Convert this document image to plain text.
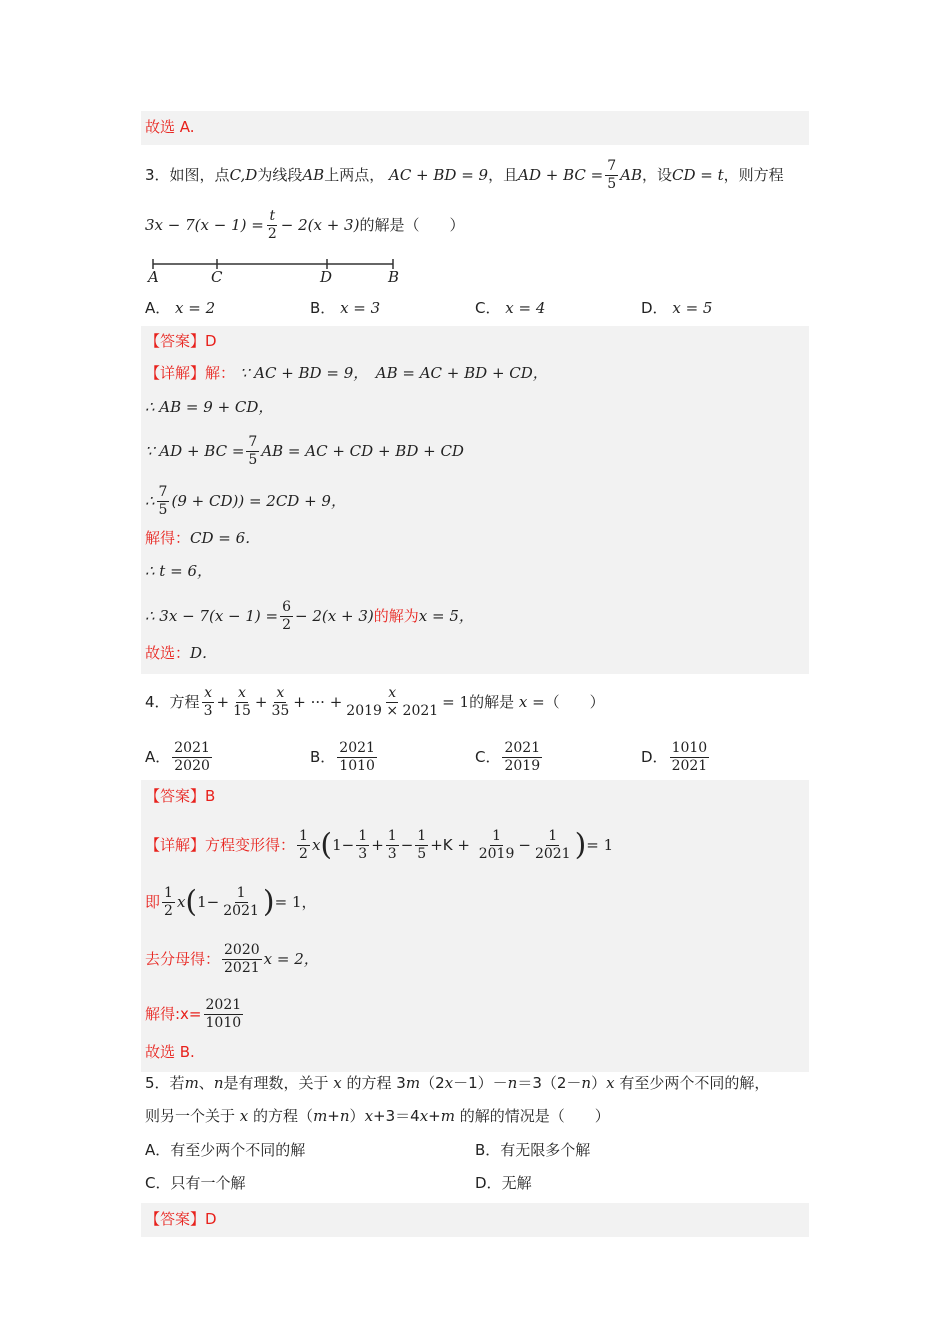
故选 A.
3．如图，点C,D为线段AB上两点， AC + BD = 9，且AD + BC = $\frac{7}{5}$ AB，设CD = t，则方程
$3x - 7(x - 1) = \frac{t}{2} - 2(x + 3)$的解是（　　）
A	C	D	B
A． x = 2	B． x = 3	C． x = 4	D． x = 5
【答案】D
【详解】解： ∵ AC + BD = 9，　 AB = AC + BD + CD，
∴ AB = 9 + CD，
∵ AD + BC = $\frac{7}{5}$ AB = AC + CD + BD + CD
∴ $\frac{7}{5} (9 + CD)) = 2CD + 9$，
解得：CD = 6．
∴ t = 6，
∴ $3x - 7(x - 1) = \frac{6}{2} - 2(x + 3)$的解为x = 5，
故选：D．
4．方程 $\frac{x}{3} + \frac{x}{15} + \frac{x}{35}$ + ··· + $\frac{x}{2019 \times 2021} = 1$的解是 x =（　　）
A． $\frac{2021}{2020}$	B． $\frac{2021}{1010}$	C． $\frac{2021}{2019}$	D． $\frac{1010}{2021}$
【答案】B
【详解】方程变形得： $\frac{1}{2} x(1- \frac{1}{3} + \frac{1}{3} - \frac{1}{5} +K + \frac{1}{2019} - \frac{1}{2021}$ )= 1
即 $\frac{1}{2} x(1- \frac{1}{2021}$ )= 1，
去分母得： $\frac{2020}{2021}$ x = 2，
解得:x= $\frac{2021}{1010}$
故选 B.
5．若m、n是有理数，关于 x 的方程 3m（2x－1）－n＝3（2－n）x 有至少两个不同的解，
则另一个关于 x 的方程（m+n）x+3＝4x+m 的解的情况是（　　）
A．有至少两个不同的解	B．有无限多个解
C．只有一个解	D．无解
【答案】D
